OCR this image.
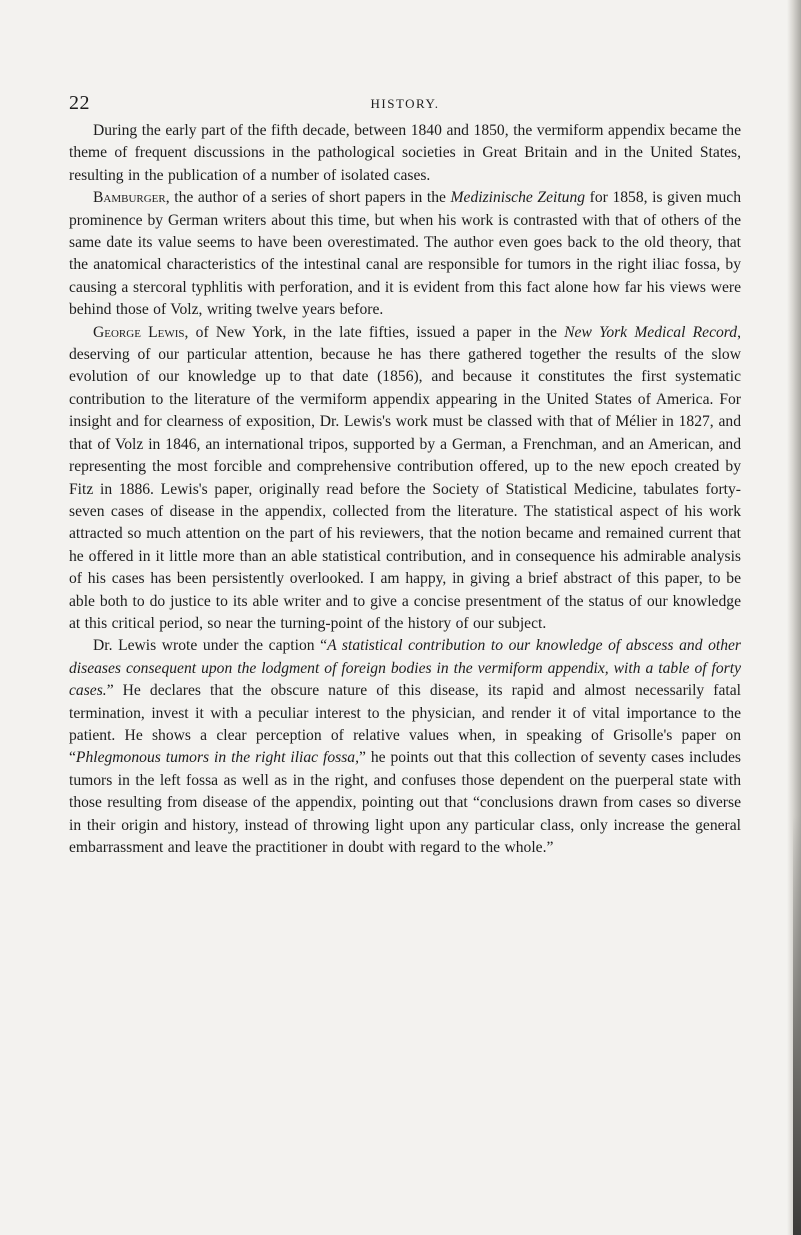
22	HISTORY.

During the early part of the fifth decade, between 1840 and 1850, the vermiform appendix became the theme of frequent discussions in the pathological societies in Great Britain and in the United States, resulting in the publication of a number of isolated cases.

Bamburger, the author of a series of short papers in the Medizinische Zeitung for 1858, is given much prominence by German writers about this time, but when his work is contrasted with that of others of the same date its value seems to have been overestimated. The author even goes back to the old theory, that the anatomical characteristics of the intestinal canal are responsible for tumors in the right iliac fossa, by causing a stercoral typhlitis with perforation, and it is evident from this fact alone how far his views were behind those of Volz, writing twelve years before.

George Lewis, of New York, in the late fifties, issued a paper in the New York Medical Record, deserving of our particular attention, because he has there gathered together the results of the slow evolution of our knowledge up to that date (1856), and because it constitutes the first systematic contribution to the literature of the vermiform appendix appearing in the United States of America. For insight and for clearness of exposition, Dr. Lewis's work must be classed with that of Mélier in 1827, and that of Volz in 1846, an international tripos, supported by a German, a Frenchman, and an American, and representing the most forcible and comprehensive contribution offered, up to the new epoch created by Fitz in 1886. Lewis's paper, originally read before the Society of Statistical Medicine, tabulates forty-seven cases of disease in the appendix, collected from the literature. The statistical aspect of his work attracted so much attention on the part of his reviewers, that the notion became and remained current that he offered in it little more than an able statistical contribution, and in consequence his admirable analysis of his cases has been persistently overlooked. I am happy, in giving a brief abstract of this paper, to be able both to do justice to its able writer and to give a concise presentment of the status of our knowledge at this critical period, so near the turning-point of the history of our subject.

Dr. Lewis wrote under the caption “A statistical contribution to our knowledge of abscess and other diseases consequent upon the lodgment of foreign bodies in the vermiform appendix, with a table of forty cases.” He declares that the obscure nature of this disease, its rapid and almost necessarily fatal termination, invest it with a peculiar interest to the physician, and render it of vital importance to the patient. He shows a clear perception of relative values when, in speaking of Grisolle's paper on “Phlegmonous tumors in the right iliac fossa,” he points out that this collection of seventy cases includes tumors in the left fossa as well as in the right, and confuses those dependent on the puerperal state with those resulting from disease of the appendix, pointing out that “conclusions drawn from cases so diverse in their origin and history, instead of throwing light upon any particular class, only increase the general embarrassment and leave the practitioner in doubt with regard to the whole.”
